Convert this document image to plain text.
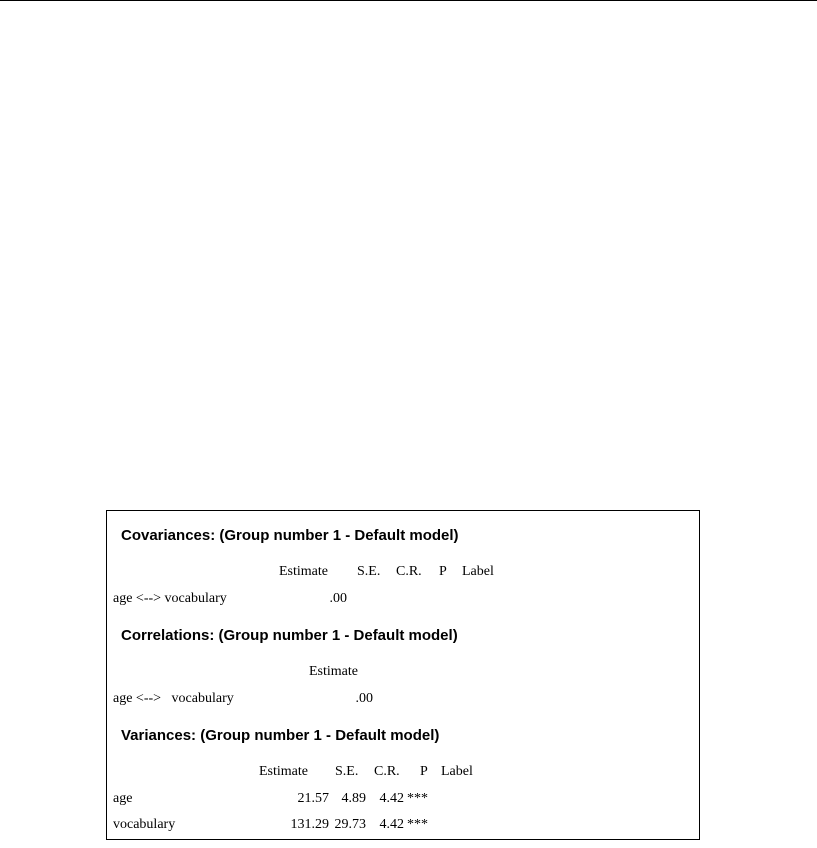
Covariances: (Group number 1 - Default model)
Estimate S.E. C.R. P Label
age <--> vocabulary	.00
Correlations: (Group number 1 - Default model)
Estimate
age <-->   vocabulary	.00
Variances: (Group number 1 - Default model)
Estimate S.E. C.R. P Label
age	21.57 4.89 4.42 ***
vocabulary	131.29 29.73 4.42 ***
